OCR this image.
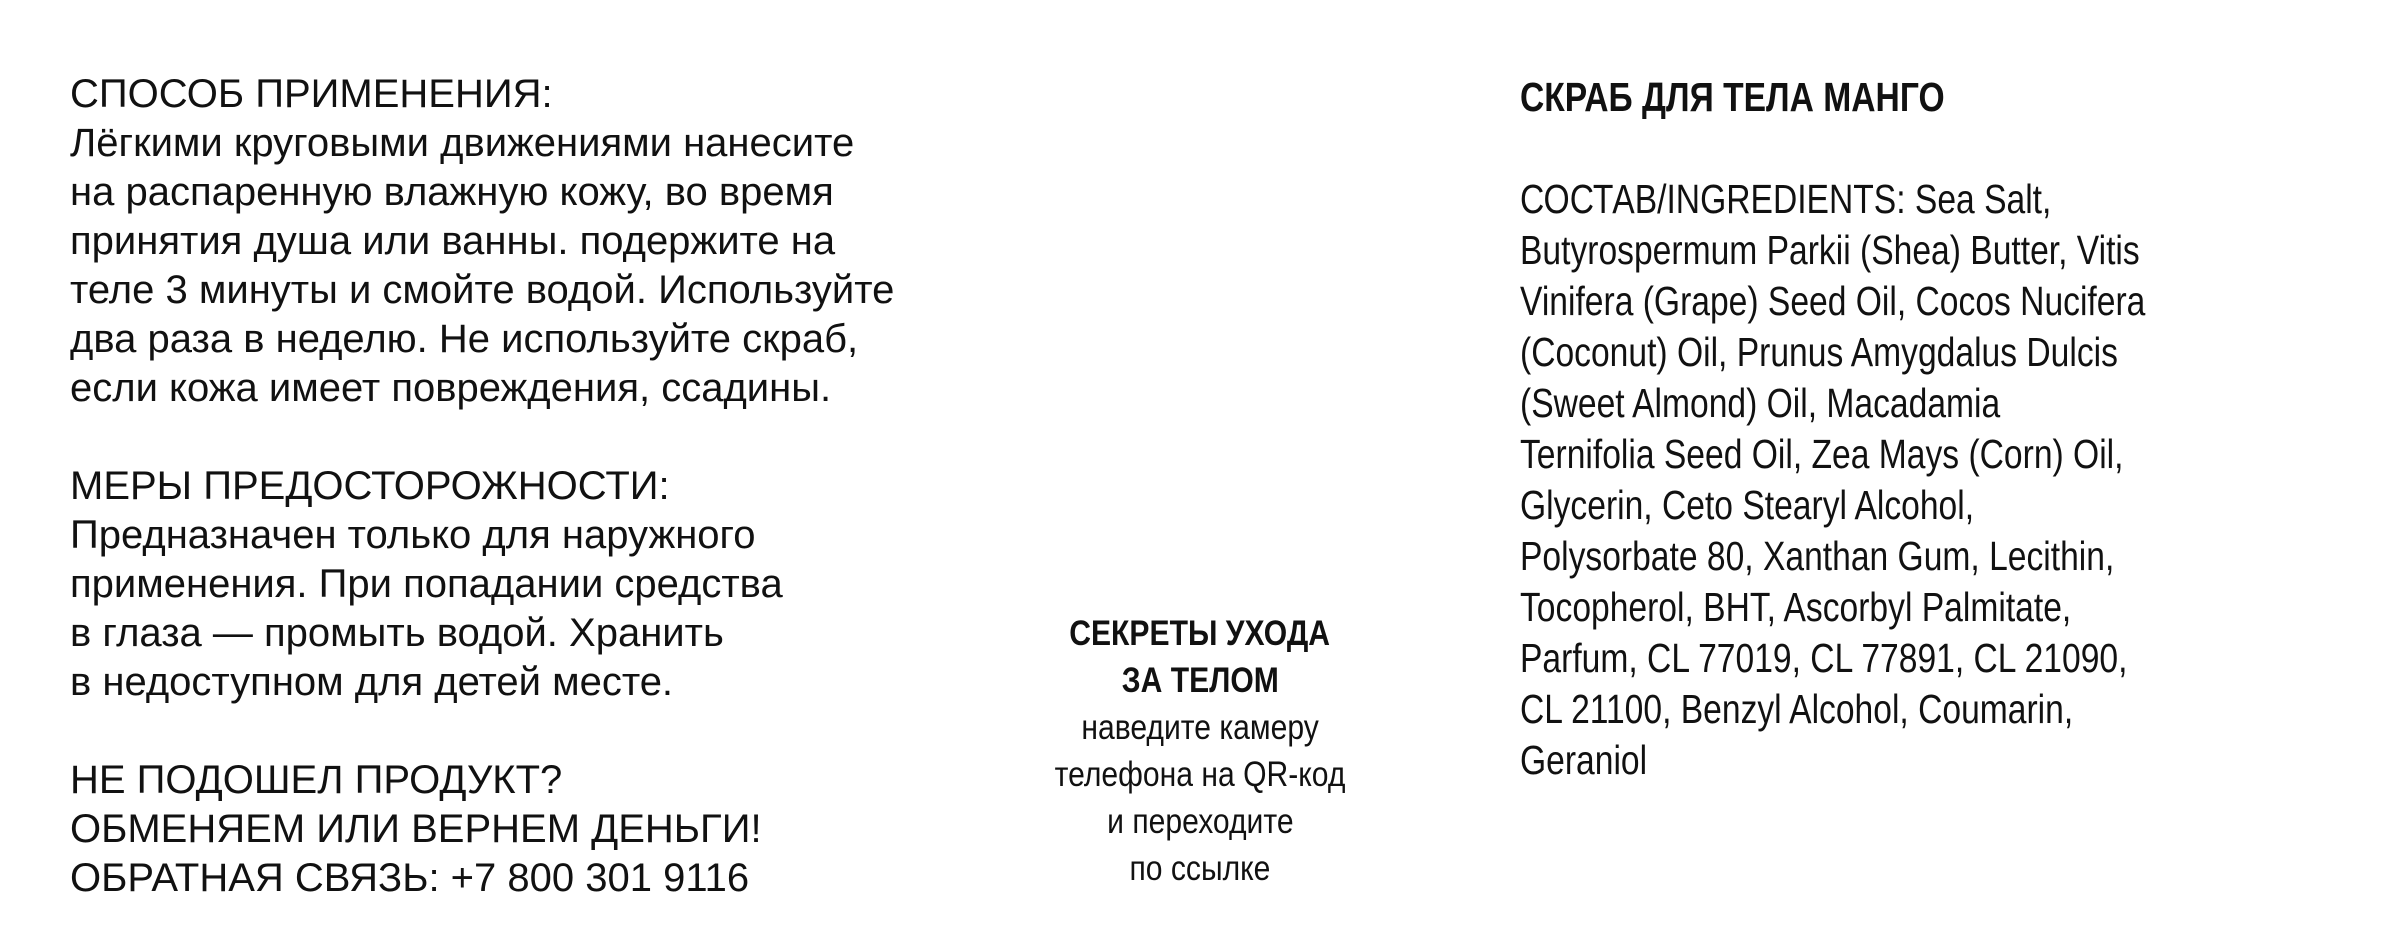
СПОСОБ ПРИМЕНЕНИЯ:
Лёгкими круговыми движениями нанесите
на распаренную влажную кожу, во время
принятия душа или ванны. подержите на
теле 3 минуты и смойте водой. Используйте
два раза в неделю. Не используйте скраб,
если кожа имеет повреждения, ссадины.
МЕРЫ ПРЕДОСТОРОЖНОСТИ:
Предназначен только для наружного
применения. При попадании средства
в глаза — промыть водой. Хранить
в недоступном для детей месте.
НЕ ПОДОШЕЛ ПРОДУКТ?
ОБМЕНЯЕМ ИЛИ ВЕРНЕМ ДЕНЬГИ!
ОБРАТНАЯ СВЯЗЬ: +7 800 301 9116
СЕКРЕТЫ УХОДА
ЗА ТЕЛОМ
наведите камеру
телефона на QR-код
и переходите
по ссылке
СКРАБ ДЛЯ ТЕЛА МАНГО
СОСТАВ/INGREDIENTS: Sea Salt,
Butyrospermum Parkii (Shea) Butter, Vitis
Vinifera (Grape) Seed Oil, Cocos Nucifera
(Coconut) Oil, Prunus Amygdalus Dulcis
(Sweet Almond) Oil, Macadamia
Ternifolia Seed Oil, Zea Mays (Corn) Oil,
Glycerin, Ceto Stearyl Alcohol,
Polysorbate 80, Xanthan Gum, Lecithin,
Tocopherol, BHT, Ascorbyl Palmitate,
Parfum, CL 77019, CL 77891, CL 21090,
CL 21100, Benzyl Alcohol, Coumarin,
Geraniol
